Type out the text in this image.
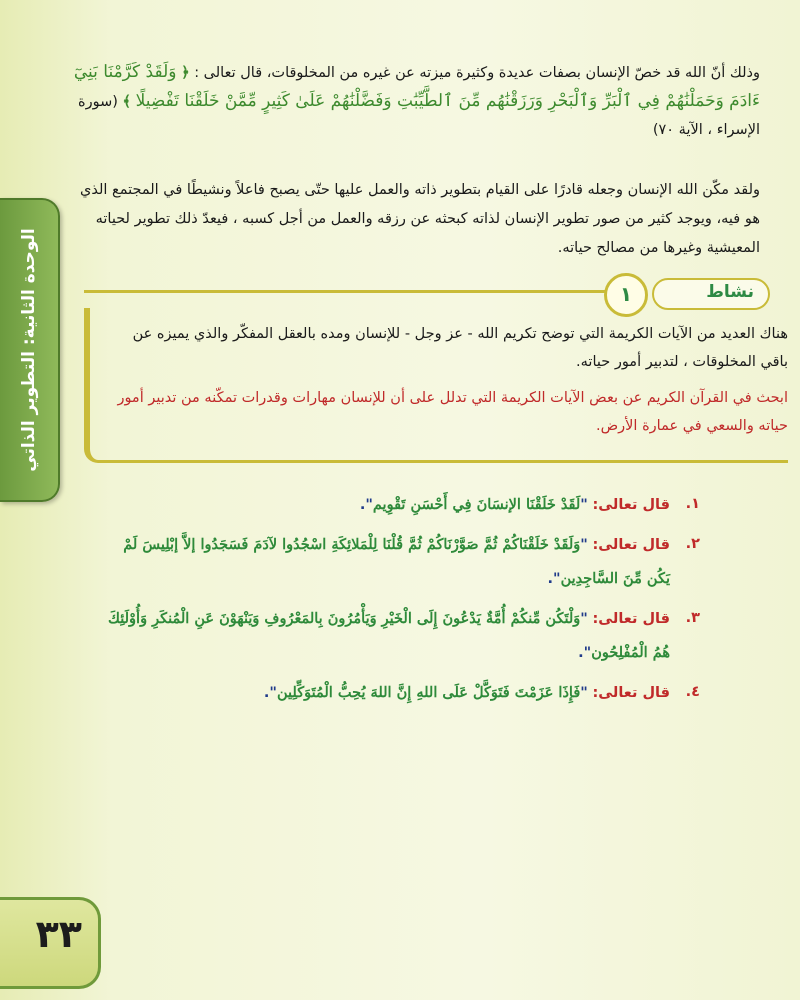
الوحدة الثانية: التطوير الذاتي
وذلك أنّ الله قد خصّ الإنسان بصفات عديدة وكثيرة ميزته عن غيره من المخلوقات، قال تعالى : ﴿ وَلَقَدْ كَرَّمْنَا بَنِيٓ ءَادَمَ وَحَمَلْنَٰهُمْ فِي ٱلْبَرِّ وَٱلْبَحْرِ وَرَزَقْنَٰهُم مِّنَ ٱلطَّيِّبَٰتِ وَفَضَّلْنَٰهُمْ عَلَىٰ كَثِيرٍ مِّمَّنْ خَلَقْنَا تَفْضِيلًا ﴾ (سورة الإسراء ، الآية ٧٠)
ولقد مكّن الله الإنسان وجعله قادرًا على القيام بتطوير ذاته والعمل عليها حتّى يصبح فاعلاً ونشيطًا في المجتمع الذي هو فيه، ويوجد كثير من صور تطوير الإنسان لذاته كبحثه عن رزقه والعمل من أجل كسبه ، فيعدّ ذلك تطوير لحياته المعيشية وغيرها من مصالح حياته.
١	نشاط
هناك العديد من الآيات الكريمة التي توضح تكريم الله - عز وجل - للإنسان ومده بالعقل المفكّر والذي يميزه عن باقي المخلوقات ، لتدبير أمور حياته.
ابحث في القرآن الكريم عن بعض الآيات الكريمة التي تدلل على أن للإنسان مهارات وقدرات تمكّنه من تدبير أمور حياته والسعي في عمارة الأرض.
١.
قال تعالى: "لَقَدْ خَلَقْنَا الإنسَانَ فِي أَحْسَنِ تَقْوِيم".
٢.
قال تعالى: "وَلَقَدْ خَلَقْنَاكُمْ ثُمَّ صَوَّرْنَاكُمْ ثُمَّ قُلْنَا لِلْمَلائِكَةِ اسْجُدُوا لآدَمَ فَسَجَدُوا إلاَّ إبْلِيسَ لَمْ يَكُن مِّنَ السَّاجِدِين".
٣.
قال تعالى: "وَلْتَكُن مِّنكُمْ أُمَّةٌ يَدْعُونَ إِلَى الْخَيْرِ وَيَأْمُرُونَ بِالمَعْرُوفِ وَيَنْهَوْنَ عَنِ الْمُنكَرِ وَأُوْلَئِكَ هُمُ الْمُفْلِحُون".
٤.
قال تعالى: "فَإِذَا عَزَمْتَ فَتَوَكَّلْ عَلَى اللهِ إِنَّ اللهَ يُحِبُّ الْمُتَوَكِّلِين".
٣٣
